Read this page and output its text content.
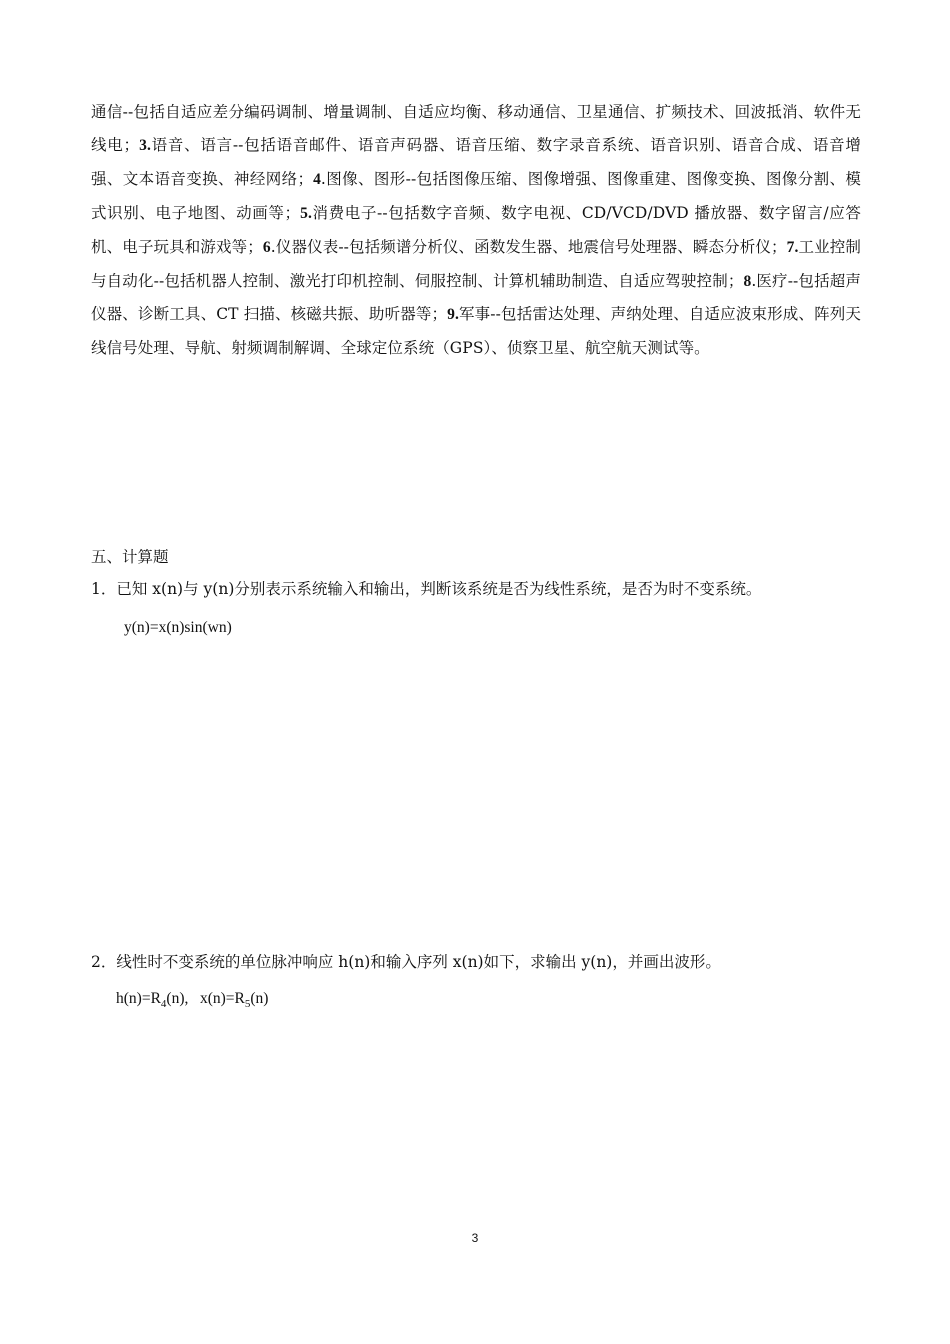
通信--包括自适应差分编码调制、增量调制、自适应均衡、移动通信、卫星通信、扩频技术、回波抵消、软件无线电；3.语音、语言--包括语音邮件、语音声码器、语音压缩、数字录音系统、语音识别、语音合成、语音增强、文本语音变换、神经网络；4.图像、图形--包括图像压缩、图像增强、图像重建、图像变换、图像分割、模式识别、电子地图、动画等；5.消费电子--包括数字音频、数字电视、CD/VCD/DVD 播放器、数字留言/应答机、电子玩具和游戏等；6.仪器仪表--包括频谱分析仪、函数发生器、地震信号处理器、瞬态分析仪；7.工业控制与自动化--包括机器人控制、激光打印机控制、伺服控制、计算机辅助制造、自适应驾驶控制；8.医疗--包括超声仪器、诊断工具、CT 扫描、核磁共振、助听器等；9.军事--包括雷达处理、声纳处理、自适应波束形成、阵列天线信号处理、导航、射频调制解调、全球定位系统（GPS）、侦察卫星、航空航天测试等。
五、计算题
1．已知 x(n)与 y(n)分别表示系统输入和输出，判断该系统是否为线性系统，是否为时不变系统。
y(n)=x(n)sin(wn)
2．线性时不变系统的单位脉冲响应 h(n)和输入序列 x(n)如下，求输出 y(n)，并画出波形。
$h(n)=R_4(n)$, $x(n)=R_5(n)$
3
